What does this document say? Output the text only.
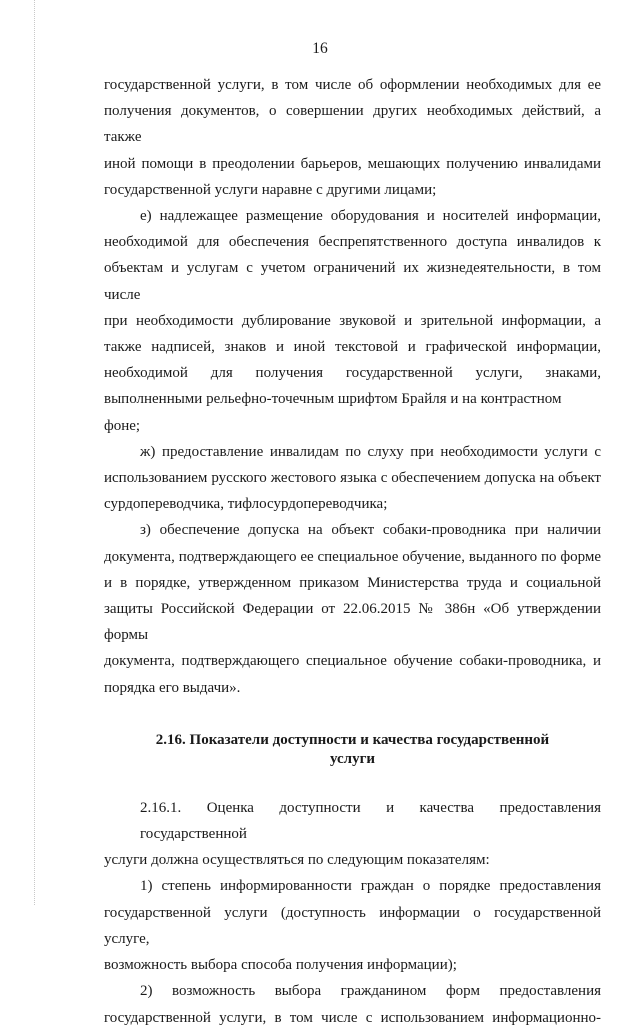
16
государственной услуги, в том числе об оформлении необходимых для ее
получения документов, о совершении других необходимых действий, а также
иной помощи в преодолении барьеров, мешающих получению инвалидами
государственной услуги наравне с другими лицами;
е) надлежащее размещение оборудования и носителей информации,
необходимой для обеспечения беспрепятственного доступа инвалидов к
объектам и услугам с учетом ограничений их жизнедеятельности, в том числе
при необходимости дублирование звуковой и зрительной информации, а
также надписей, знаков и иной текстовой и графической информации,
необходимой для получения государственной услуги, знаками,
выполненными рельефно-точечным шрифтом Брайля и на контрастном фоне;
ж) предоставление инвалидам по слуху при необходимости услуги с
использованием русского жестового языка с обеспечением допуска на объект
сурдопереводчика, тифлосурдопереводчика;
з) обеспечение допуска на объект собаки-проводника при наличии
документа, подтверждающего ее специальное обучение, выданного по форме
и в порядке, утвержденном приказом Министерства труда и социальной
защиты Российской Федерации от 22.06.2015 № 386н «Об утверждении формы
документа, подтверждающего специальное обучение собаки-проводника, и
порядка его выдачи».
2.16. Показатели доступности и качества государственной
услуги
2.16.1. Оценка доступности и качества предоставления государственной
услуги должна осуществляться по следующим показателям:
1) степень информированности граждан о порядке предоставления
государственной услуги (доступность информации о государственной услуге,
возможность выбора способа получения информации);
2) возможность выбора гражданином форм предоставления
государственной услуги, в том числе с использованием информационно-
